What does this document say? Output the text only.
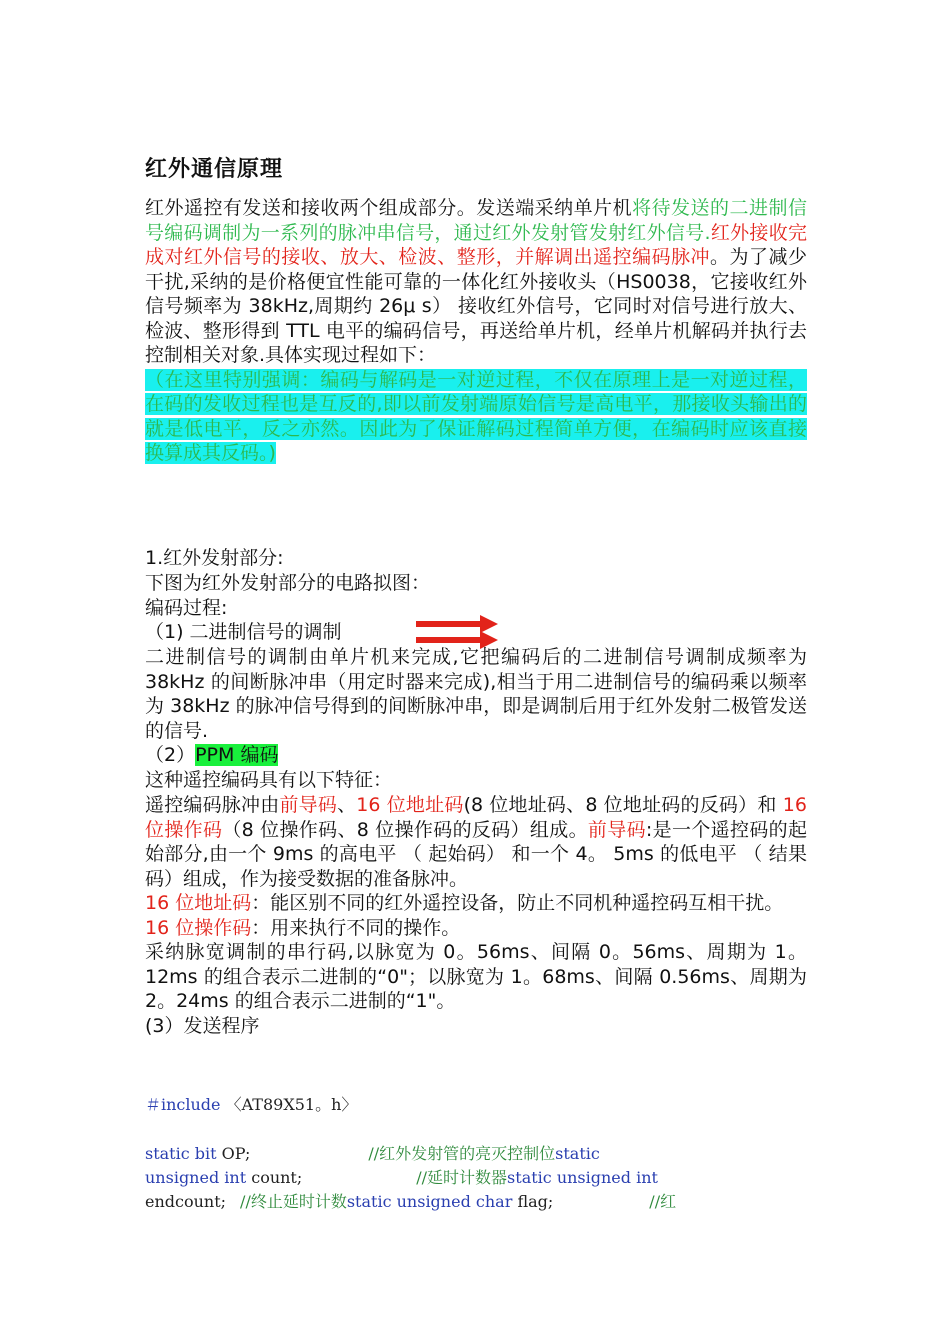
红外通信原理
红外遥控有发送和接收两个组成部分。发送端采纳单片机将待发送的二进制信号编码调制为一系列的脉冲串信号，通过红外发射管发射红外信号.红外接收完成对红外信号的接收、放大、检波、整形，并解调出遥控编码脉冲。为了减少干扰,采纳的是价格便宜性能可靠的一体化红外接收头（HS0038，它接收红外信号频率为 38kHz,周期约 26μ s） 接收红外信号，它同时对信号进行放大、检波、整形得到 TTL 电平的编码信号，再送给单片机，经单片机解码并执行去控制相关对象.具体实现过程如下：
（在这里特别强调：编码与解码是一对逆过程，不仅在原理上是一对逆过程，在码的发收过程也是互反的,即以前发射端原始信号是高电平，那接收头输出的就是低电平，反之亦然。因此为了保证解码过程简单方便，在编码时应该直接换算成其反码。)
1.红外发射部分:
下图为红外发射部分的电路拟图：
编码过程:
（1) 二进制信号的调制
二进制信号的调制由单片机来完成,它把编码后的二进制信号调制成频率为 38kHz 的间断脉冲串（用定时器来完成),相当于用二进制信号的编码乘以频率为 38kHz 的脉冲信号得到的间断脉冲串，即是调制后用于红外发射二极管发送的信号.
（2）PPM 编码
这种遥控编码具有以下特征：
遥控编码脉冲由前导码、16 位地址码(8 位地址码、8 位地址码的反码）和 16 位操作码（8 位操作码、8 位操作码的反码）组成。前导码:是一个遥控码的起始部分,由一个 9ms 的高电平 （ 起始码） 和一个 4。 5ms 的低电平 （ 结果码）组成，作为接受数据的准备脉冲。
16 位地址码：能区别不同的红外遥控设备，防止不同机种遥控码互相干扰。
16 位操作码：用来执行不同的操作。
采纳脉宽调制的串行码,以脉宽为 0。56ms、间隔 0。56ms、周期为 1。12ms 的组合表示二进制的“0"；以脉宽为 1。68ms、间隔 0.56ms、周期为 2。24ms 的组合表示二进制的“1"。
(3）发送程序
＃include 〈AT89X51。h〉
static bit OP;	//红外发射管的亮灭控制位static
unsigned int count;	//延时计数器static unsigned int
endcount; //终止延时计数static unsigned char flag;	//红
